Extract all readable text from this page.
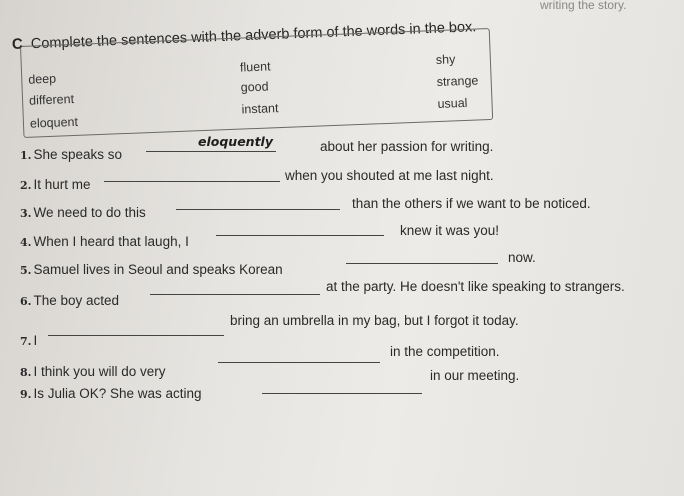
writing the story.
C Complete the sentences with the adverb form of the words in the box.
deep
different
eloquent
fluent
good
instant
shy
strange
usual
1. She speaks so
eloquently	about her passion for writing.
2. It hurt me
when you shouted at me last night.
3. We need to do this
than the others if we want to be noticed.
4. When I heard that laugh, I
knew it was you!
5. Samuel lives in Seoul and speaks Korean
now.
6. The boy acted
at the party. He doesn't like speaking to strangers.
7. I
bring an umbrella in my bag, but I forgot it today.
8. I think you will do very
in the competition.
9. Is Julia OK? She was acting
in our meeting.
